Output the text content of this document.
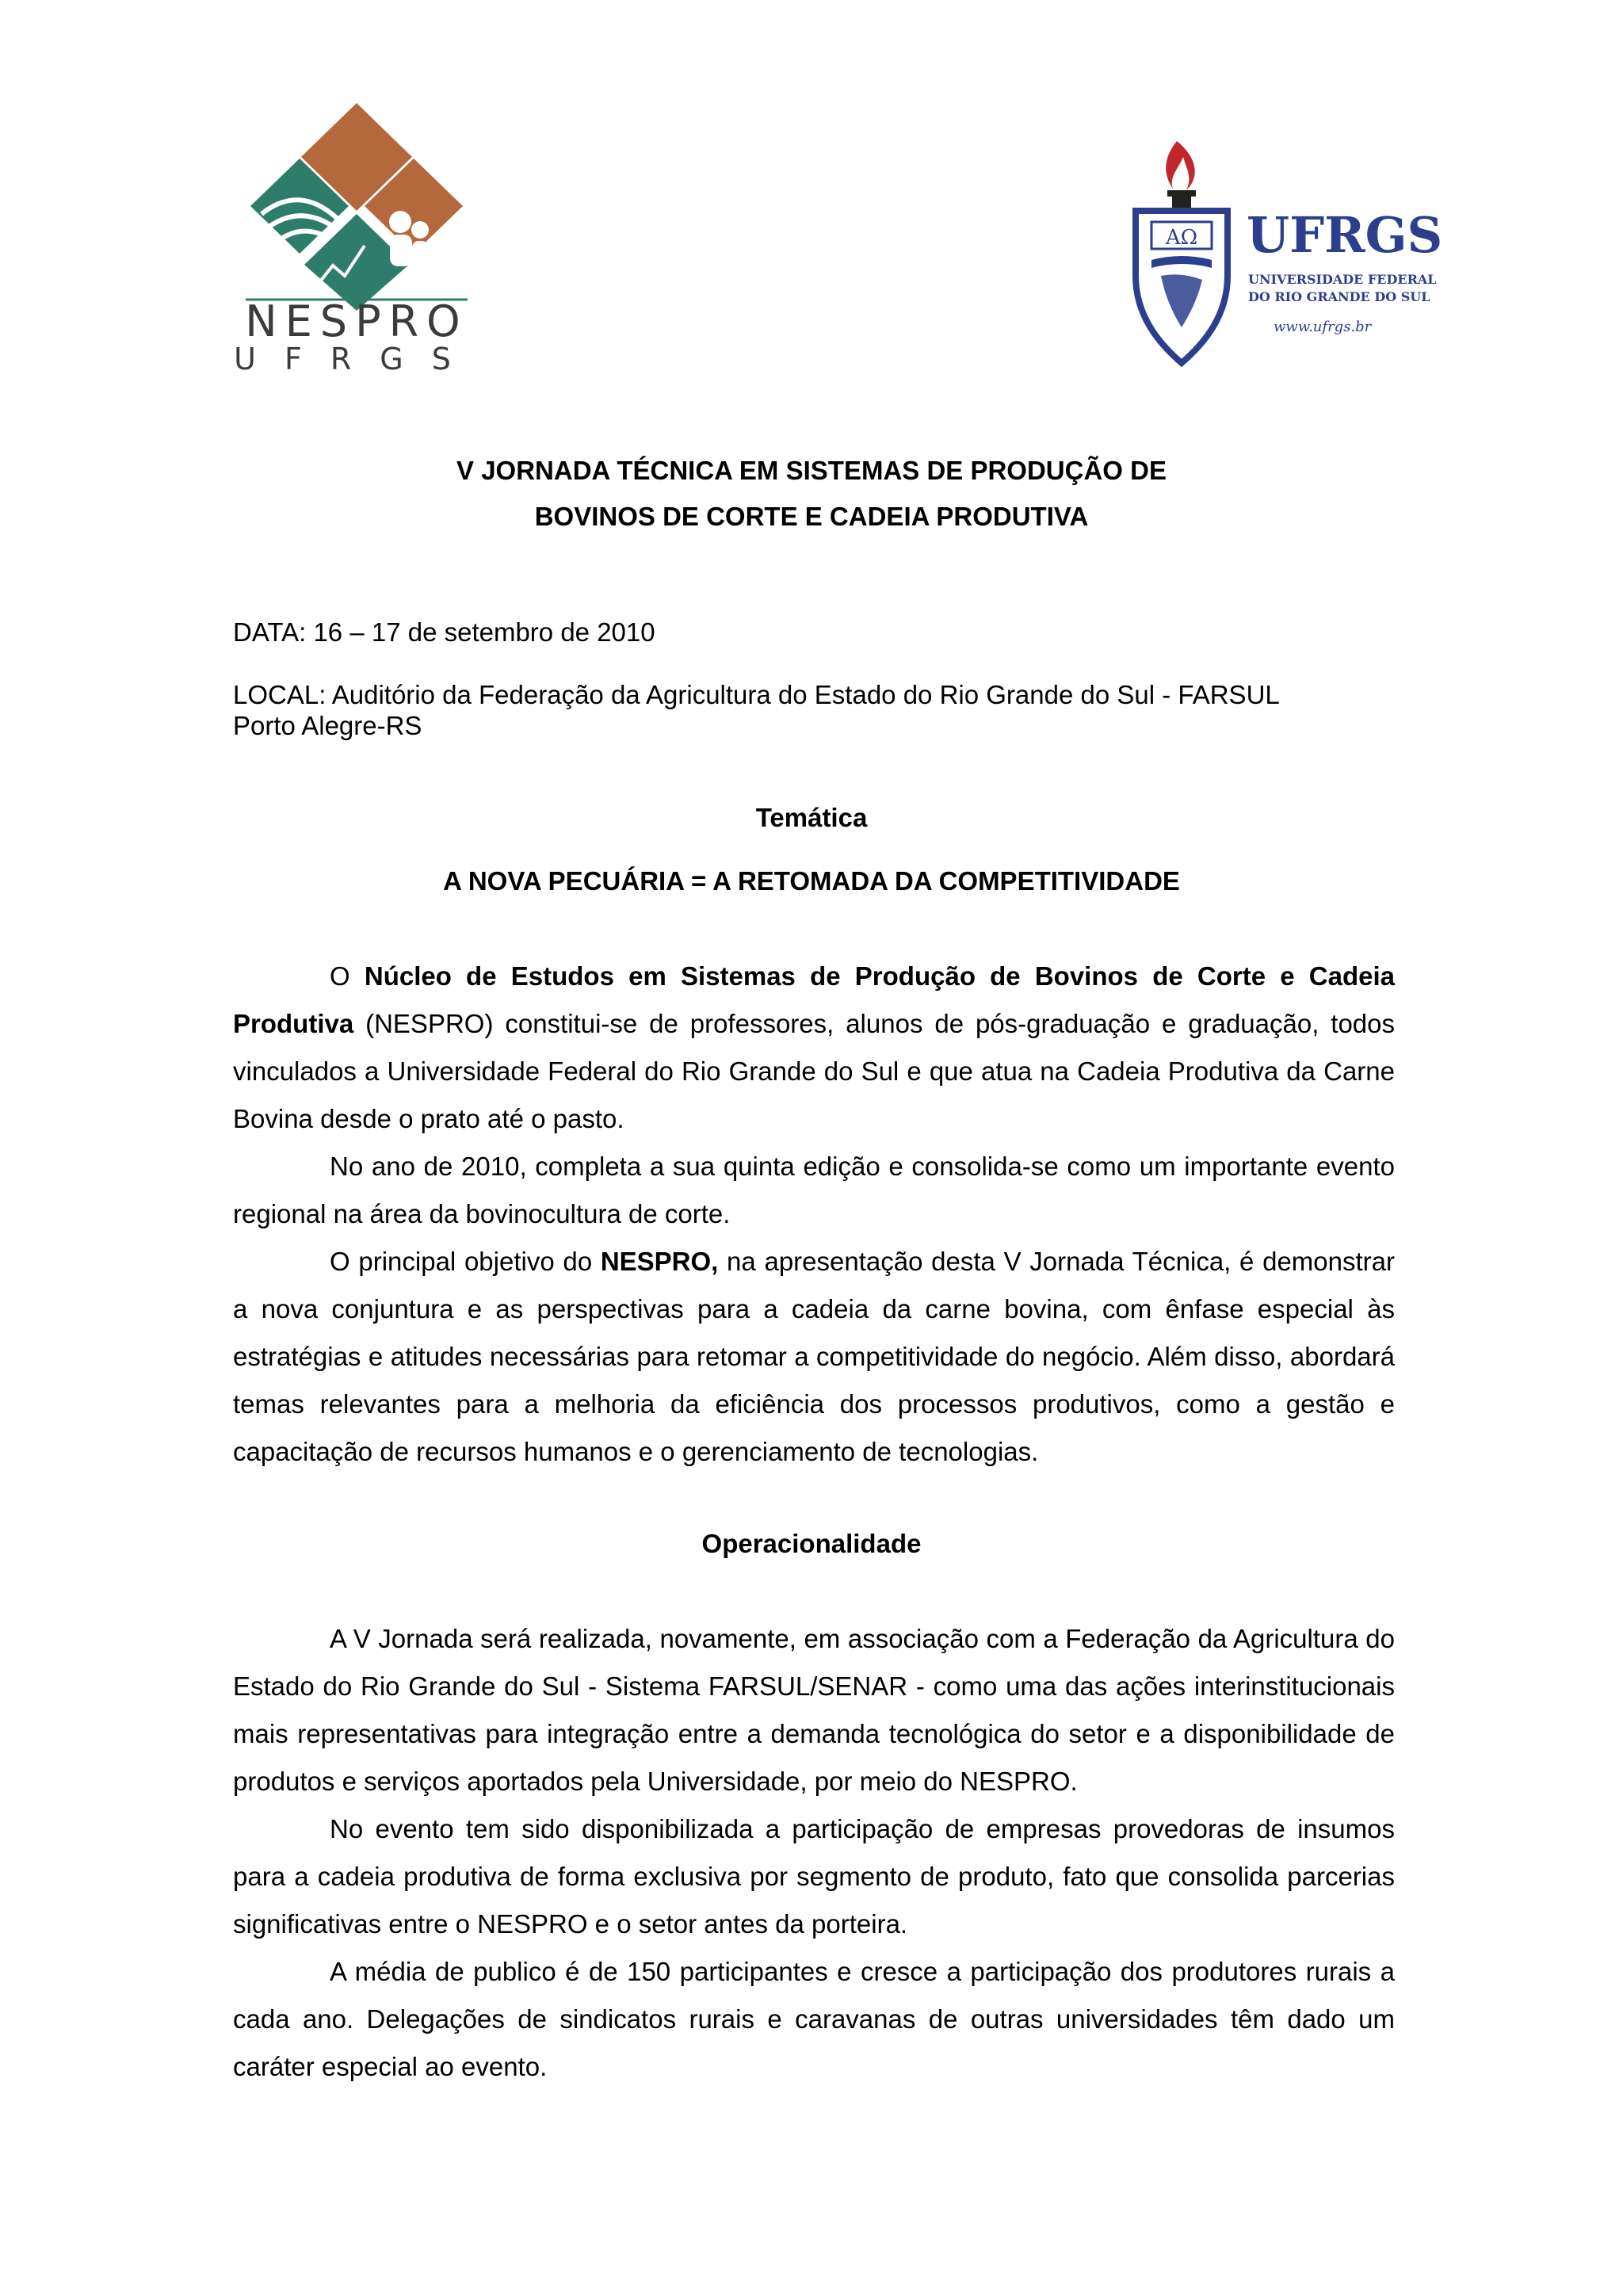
NESPRO
UFRGS
AΩ UFRGS
UNIVERSIDADE FEDERAL
DO RIO GRANDE DO SUL
www.ufrgs.br
V JORNADA TÉCNICA EM SISTEMAS DE PRODUÇÃO DE
BOVINOS DE CORTE E CADEIA PRODUTIVA
DATA: 16 – 17 de setembro de 2010
LOCAL: Auditório da Federação da Agricultura do Estado do Rio Grande do Sul - FARSUL
Porto Alegre-RS
Temática
A NOVA PECUÁRIA = A RETOMADA DA COMPETITIVIDADE

O Núcleo de Estudos em Sistemas de Produção de Bovinos de Corte e Cadeia Produtiva (NESPRO) constitui-se de professores, alunos de pós-graduação e graduação, todos vinculados a Universidade Federal do Rio Grande do Sul e que atua na Cadeia Produtiva da Carne Bovina desde o prato até o pasto.

No ano de 2010, completa a sua quinta edição e consolida-se como um importante evento regional na área da bovinocultura de corte.

O principal objetivo do NESPRO, na apresentação desta V Jornada Técnica, é demonstrar a nova conjuntura e as perspectivas para a cadeia da carne bovina, com ênfase especial às estratégias e atitudes necessárias para retomar a competitividade do negócio. Além disso, abordará temas relevantes para a melhoria da eficiência dos processos produtivos, como a gestão e capacitação de recursos humanos e o gerenciamento de tecnologias.

Operacionalidade

A V Jornada será realizada, novamente, em associação com a Federação da Agricultura do Estado do Rio Grande do Sul - Sistema FARSUL/SENAR - como uma das ações interinstitucionais mais representativas para integração entre a demanda tecnológica do setor e a disponibilidade de produtos e serviços aportados pela Universidade, por meio do NESPRO.

No evento tem sido disponibilizada a participação de empresas provedoras de insumos para a cadeia produtiva de forma exclusiva por segmento de produto, fato que consolida parcerias significativas entre o NESPRO e o setor antes da porteira.

A média de publico é de 150 participantes e cresce a participação dos produtores rurais a cada ano. Delegações de sindicatos rurais e caravanas de outras universidades têm dado um caráter especial ao evento.
